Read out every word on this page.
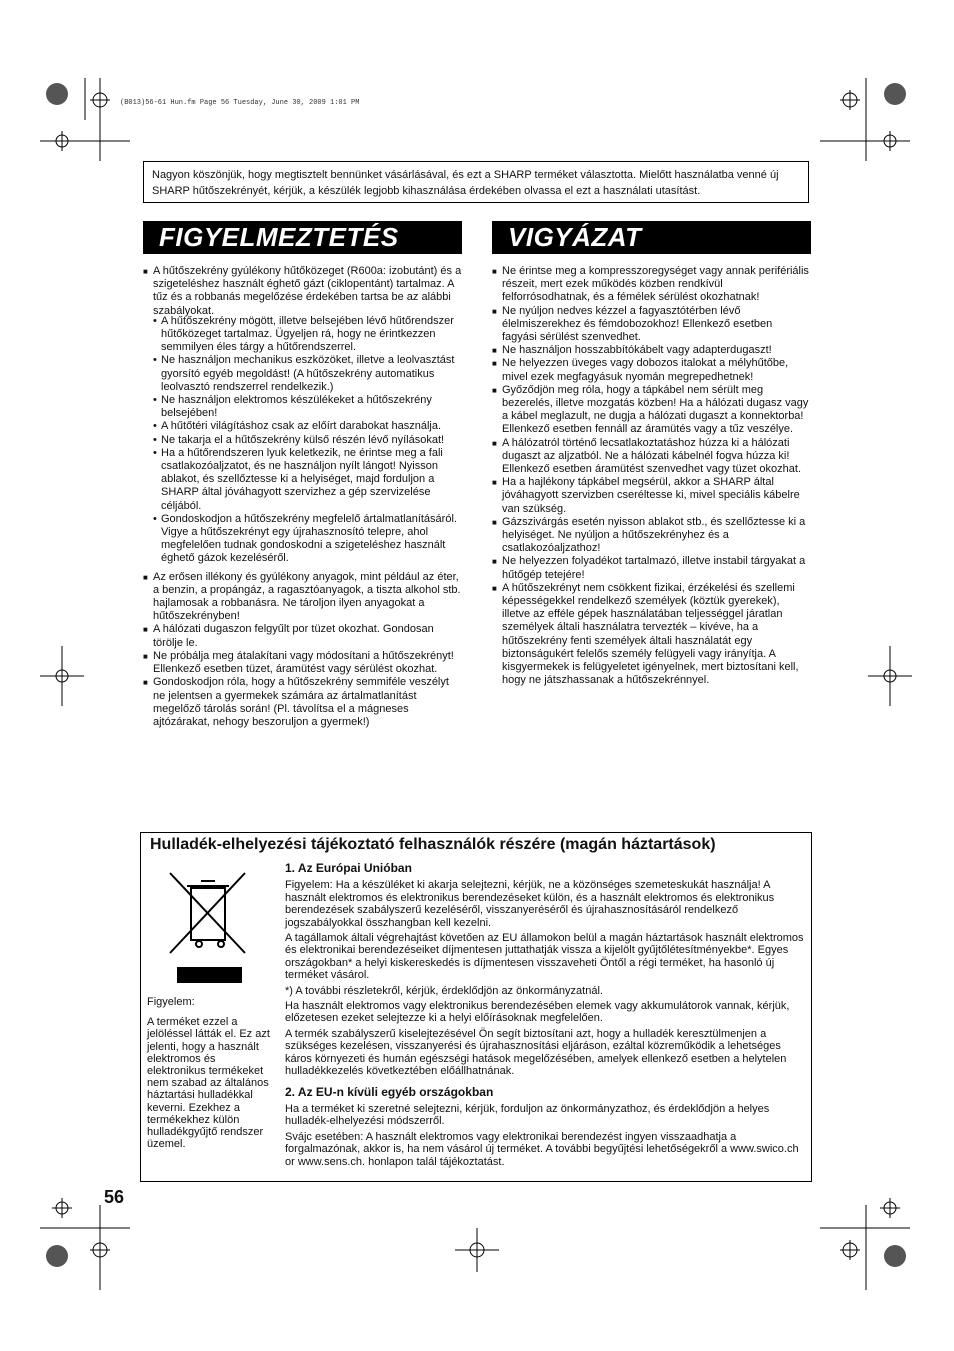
(B013)56-61 Hun.fm Page 56 Tuesday, June 30, 2009 1:01 PM
Nagyon köszönjük, hogy megtisztelt bennünket vásárlásával, és ezt a SHARP terméket választotta. Mielőtt használatba venné új SHARP hűtőszekrényét, kérjük, a készülék legjobb kihasználása érdekében olvassa el ezt a használati utasítást.
FIGYELMEZTETÉS	VIGYÁZAT

■ A hűtőszekrény gyúlékony hűtőközeget (R600a: izobutánt) és a szigeteléshez használt éghető gázt (ciklopentánt) tartalmaz. A tűz és a robbanás megelőzése érdekében tartsa be az alábbi szabályokat.

• A hűtőszekrény mögött, illetve belsejében lévő hűtőrendszer hűtőközeget tartalmaz. Ügyeljen rá, hogy ne érintkezzen semmilyen éles tárgy a hűtőrendszerrel.

• Ne használjon mechanikus eszközöket, illetve a leolvasztást gyorsító egyéb megoldást! (A hűtőszekrény automatikus leolvasztó rendszerrel rendelkezik.)

• Ne használjon elektromos készülékeket a hűtőszekrény belsejében!

• A hűtőtéri világításhoz csak az előírt darabokat használja.

• Ne takarja el a hűtőszekrény külső részén lévő nyílásokat!

• Ha a hűtőrendszeren lyuk keletkezik, ne érintse meg a fali csatlakozóaljzatot, és ne használjon nyílt lángot! Nyisson ablakot, és szellőztesse ki a helyiséget, majd forduljon a SHARP által jóváhagyott szervizhez a gép szervizelése céljából.

• Gondoskodjon a hűtőszekrény megfelelő ártalmatlanításáról. Vigye a hűtőszekrényt egy újrahasznosító telepre, ahol megfelelően tudnak gondoskodni a szigeteléshez használt éghető gázok kezeléséről.

■ Az erősen illékony és gyúlékony anyagok, mint például az éter, a benzin, a propángáz, a ragasztóanyagok, a tiszta alkohol stb. hajlamosak a robbanásra. Ne tároljon ilyen anyagokat a hűtőszekrényben!

■ A hálózati dugaszon felgyűlt por tüzet okozhat. Gondosan törölje le.

■ Ne próbálja meg átalakítani vagy módosítani a hűtőszekrényt! Ellenkező esetben tüzet, áramütést vagy sérülést okozhat.

■ Gondoskodjon róla, hogy a hűtőszekrény semmiféle veszélyt ne jelentsen a gyermekek számára az ártalmatlanítást megelőző tárolás során! (Pl. távolítsa el a mágneses ajtózárakat, nehogy beszoruljon a gyermek!)

■ Ne érintse meg a kompresszoregységet vagy annak perifériális részeit, mert ezek működés közben rendkívül felforrósodhatnak, és a fémélek sérülést okozhatnak!

■ Ne nyúljon nedves kézzel a fagyasztótérben lévő élelmiszerekhez és fémdobozokhoz! Ellenkező esetben fagyási sérülést szenvedhet.

■ Ne használjon hosszabbítókábelt vagy adapterdugaszt!

■ Ne helyezzen üveges vagy dobozos italokat a mélyhűtőbe, mivel ezek megfagyásuk nyomán megrepedhetnek!

■ Győződjön meg róla, hogy a tápkábel nem sérült meg bezerelés, illetve mozgatás közben! Ha a hálózati dugasz vagy a kábel meglazult, ne dugja a hálózati dugaszt a konnektorba! Ellenkező esetben fennáll az áramütés vagy a tűz veszélye.

■ A hálózatról történő lecsatlakoztatáshoz húzza ki a hálózati dugaszt az aljzatból. Ne a hálózati kábelnél fogva húzza ki! Ellenkező esetben áramütést szenvedhet vagy tüzet okozhat.

■ Ha a hajlékony tápkábel megsérül, akkor a SHARP által jóváhagyott szervizben cseréltesse ki, mivel speciális kábelre van szükség.

■ Gázszivárgás esetén nyisson ablakot stb., és szellőztesse ki a helyiséget. Ne nyúljon a hűtőszekrényhez és a csatlakozóaljzathoz!

■ Ne helyezzen folyadékot tartalmazó, illetve instabil tárgyakat a hűtőgép tetejére!

■ A hűtőszekrényt nem csökkent fizikai, érzékelési és szellemi képességekkel rendelkező személyek (köztük gyerekek), illetve az efféle gépek használatában teljességgel járatlan személyek általi használatra tervezték – kivéve, ha a hűtőszekrény fenti személyek általi használatát egy biztonságukért felelős személy felügyeli vagy irányítja. A kisgyermekek is felügyeletet igényelnek, mert biztosítani kell, hogy ne játszhassanak a hűtőszekrénnyel.

Hulladék-elhelyezési tájékoztató felhasználók részére (magán háztartások)

Figyelem:

A terméket ezzel a jelöléssel látták el. Ez azt jelenti, hogy a használt elektromos és elektronikus termékeket nem szabad az általános háztartási hulladékkal keverni. Ezekhez a termékekhez külön hulladékgyűjtő rendszer üzemel.

1. Az Európai Unióban

Figyelem: Ha a készüléket ki akarja selejtezni, kérjük, ne a közönséges szemeteskukát használja! A használt elektromos és elektronikus berendezéseket külön, és a használt elektromos és elektronikus berendezések szabályszerű kezeléséről, visszanyeréséről és újrahasznosításáról rendelkező jogszabályokkal összhangban kell kezelni.

A tagállamok általi végrehajtást követően az EU államokon belül a magán háztartások használt elektromos és elektronikai berendezéseiket díjmentesen juttathatják vissza a kijelölt gyűjtőlétesítményekbe*. Egyes országokban* a helyi kiskereskedés is díjmentesen visszaveheti Öntől a régi terméket, ha hasonló új terméket vásárol.

*) A további részletekről, kérjük, érdeklődjön az önkormányzatnál.

Ha használt elektromos vagy elektronikus berendezésében elemek vagy akkumulátorok vannak, kérjük, előzetesen ezeket selejtezze ki a helyi előírásoknak megfelelően.

A termék szabályszerű kiselejtezésével Ön segít biztosítani azt, hogy a hulladék keresztülmenjen a szükséges kezelésen, visszanyerési és újrahasznosítási eljáráson, ezáltal közreműködik a lehetséges káros környezeti és humán egészségi hatások megelőzésében, amelyek ellenkező esetben a helytelen hulladékkezelés következtében előállhatnának.

2. Az EU-n kívüli egyéb országokban

Ha a terméket ki szeretné selejtezni, kérjük, forduljon az önkormányzathoz, és érdeklődjön a helyes hulladék-elhelyezési módszerről.

Svájc esetében: A használt elektromos vagy elektronikai berendezést ingyen visszaadhatja a forgalmazónak, akkor is, ha nem vásárol új terméket. A további begyűjtési lehetőségekről a www.swico.ch or www.sens.ch. honlapon talál tájékoztatást.

56
